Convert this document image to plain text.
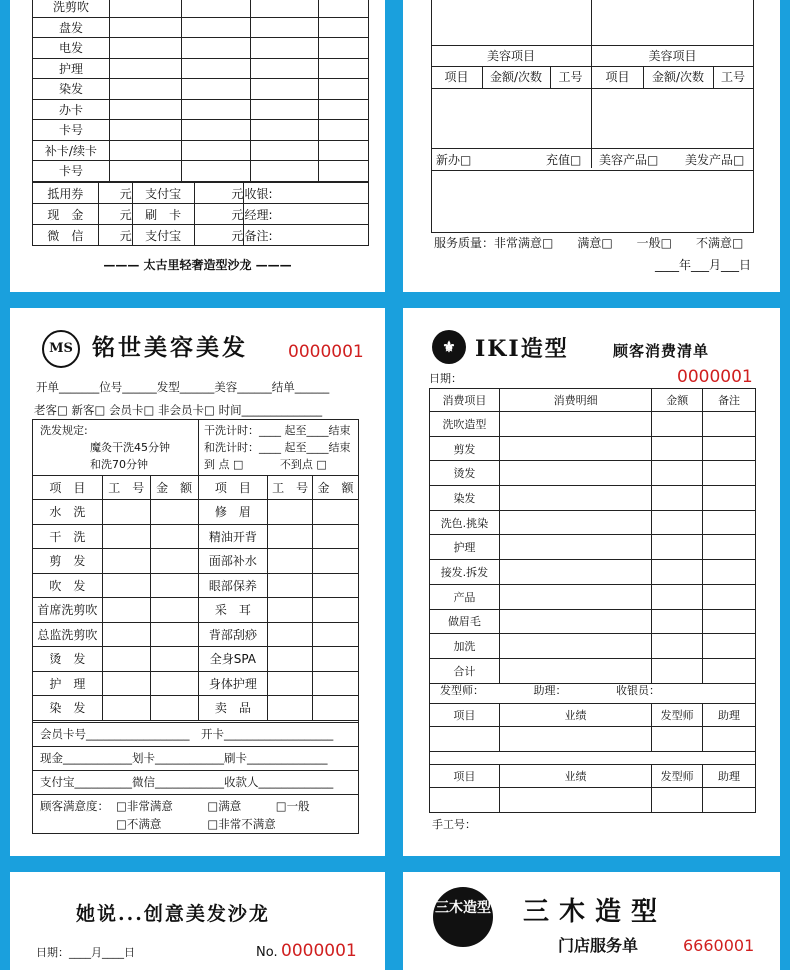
洗剪吹				
盘发				
电发				
护理				
染发				
办卡				
卡号				
补卡/续卡				
卡号				
抵用券	元	支付宝	元	收银:
现　金	元	刷　卡	元	经理:
微　信	元	支付宝	元	备注:
——— 太古里轻奢造型沙龙 ———
美容项目	美容项目
项目	金额/次数	工号	项目	金额/次数	工号
新办□	充值□ 美容产品□ 美发产品□
服务质量：非常满意□　　满意□　　一般□　　不满意□
____年___月___日
MS 铭世美容美发 0000001
开单_______位号______发型______美容______结单______
老客□ 新客□ 会员卡□ 非会员卡□ 时间______________
洗发规定:
魔灸干洗45分钟
和洗70分钟
干洗计时：____ 起至____结束
和洗计时：____ 起至____结束
到 点 □　　　 不到点 □
项　目	工　号	金　额	项　目	工　号	金　额
水　洗			修　眉		
干　洗			精油开背		
剪　发			面部补水		
吹　发			眼部保养		
首席洗剪吹			采　耳		
总监洗剪吹			背部刮痧		
烫　发			全身SPA		
护　理			身体护理		
染　发			卖　品		
会员卡号__________________　开卡___________________
现金____________划卡____________刷卡______________
支付宝__________微信____________收款人_____________
顾客满意度： □非常满意　　　□满意　　　□一般
□不满意　　　　□非常不满意
⚜ IKI造型	顾客消费清单
日期：	0000001
消费项目	消费明细	金额	备注
洗吹造型			
剪发			
烫发			
染发			
洗色.挑染			
护理			
接发.拆发			
产品			
做眉毛			
加洗			
合计			
发型师：　　　　　助理：　　　　　收银员：
项目	业绩	发型师	助理

项目	业绩	发型师	助理

手工号：
她说...创意美发沙龙
日期：____月____日	No. 0000001
三木造型 三木造型
门店服务单	6660001
